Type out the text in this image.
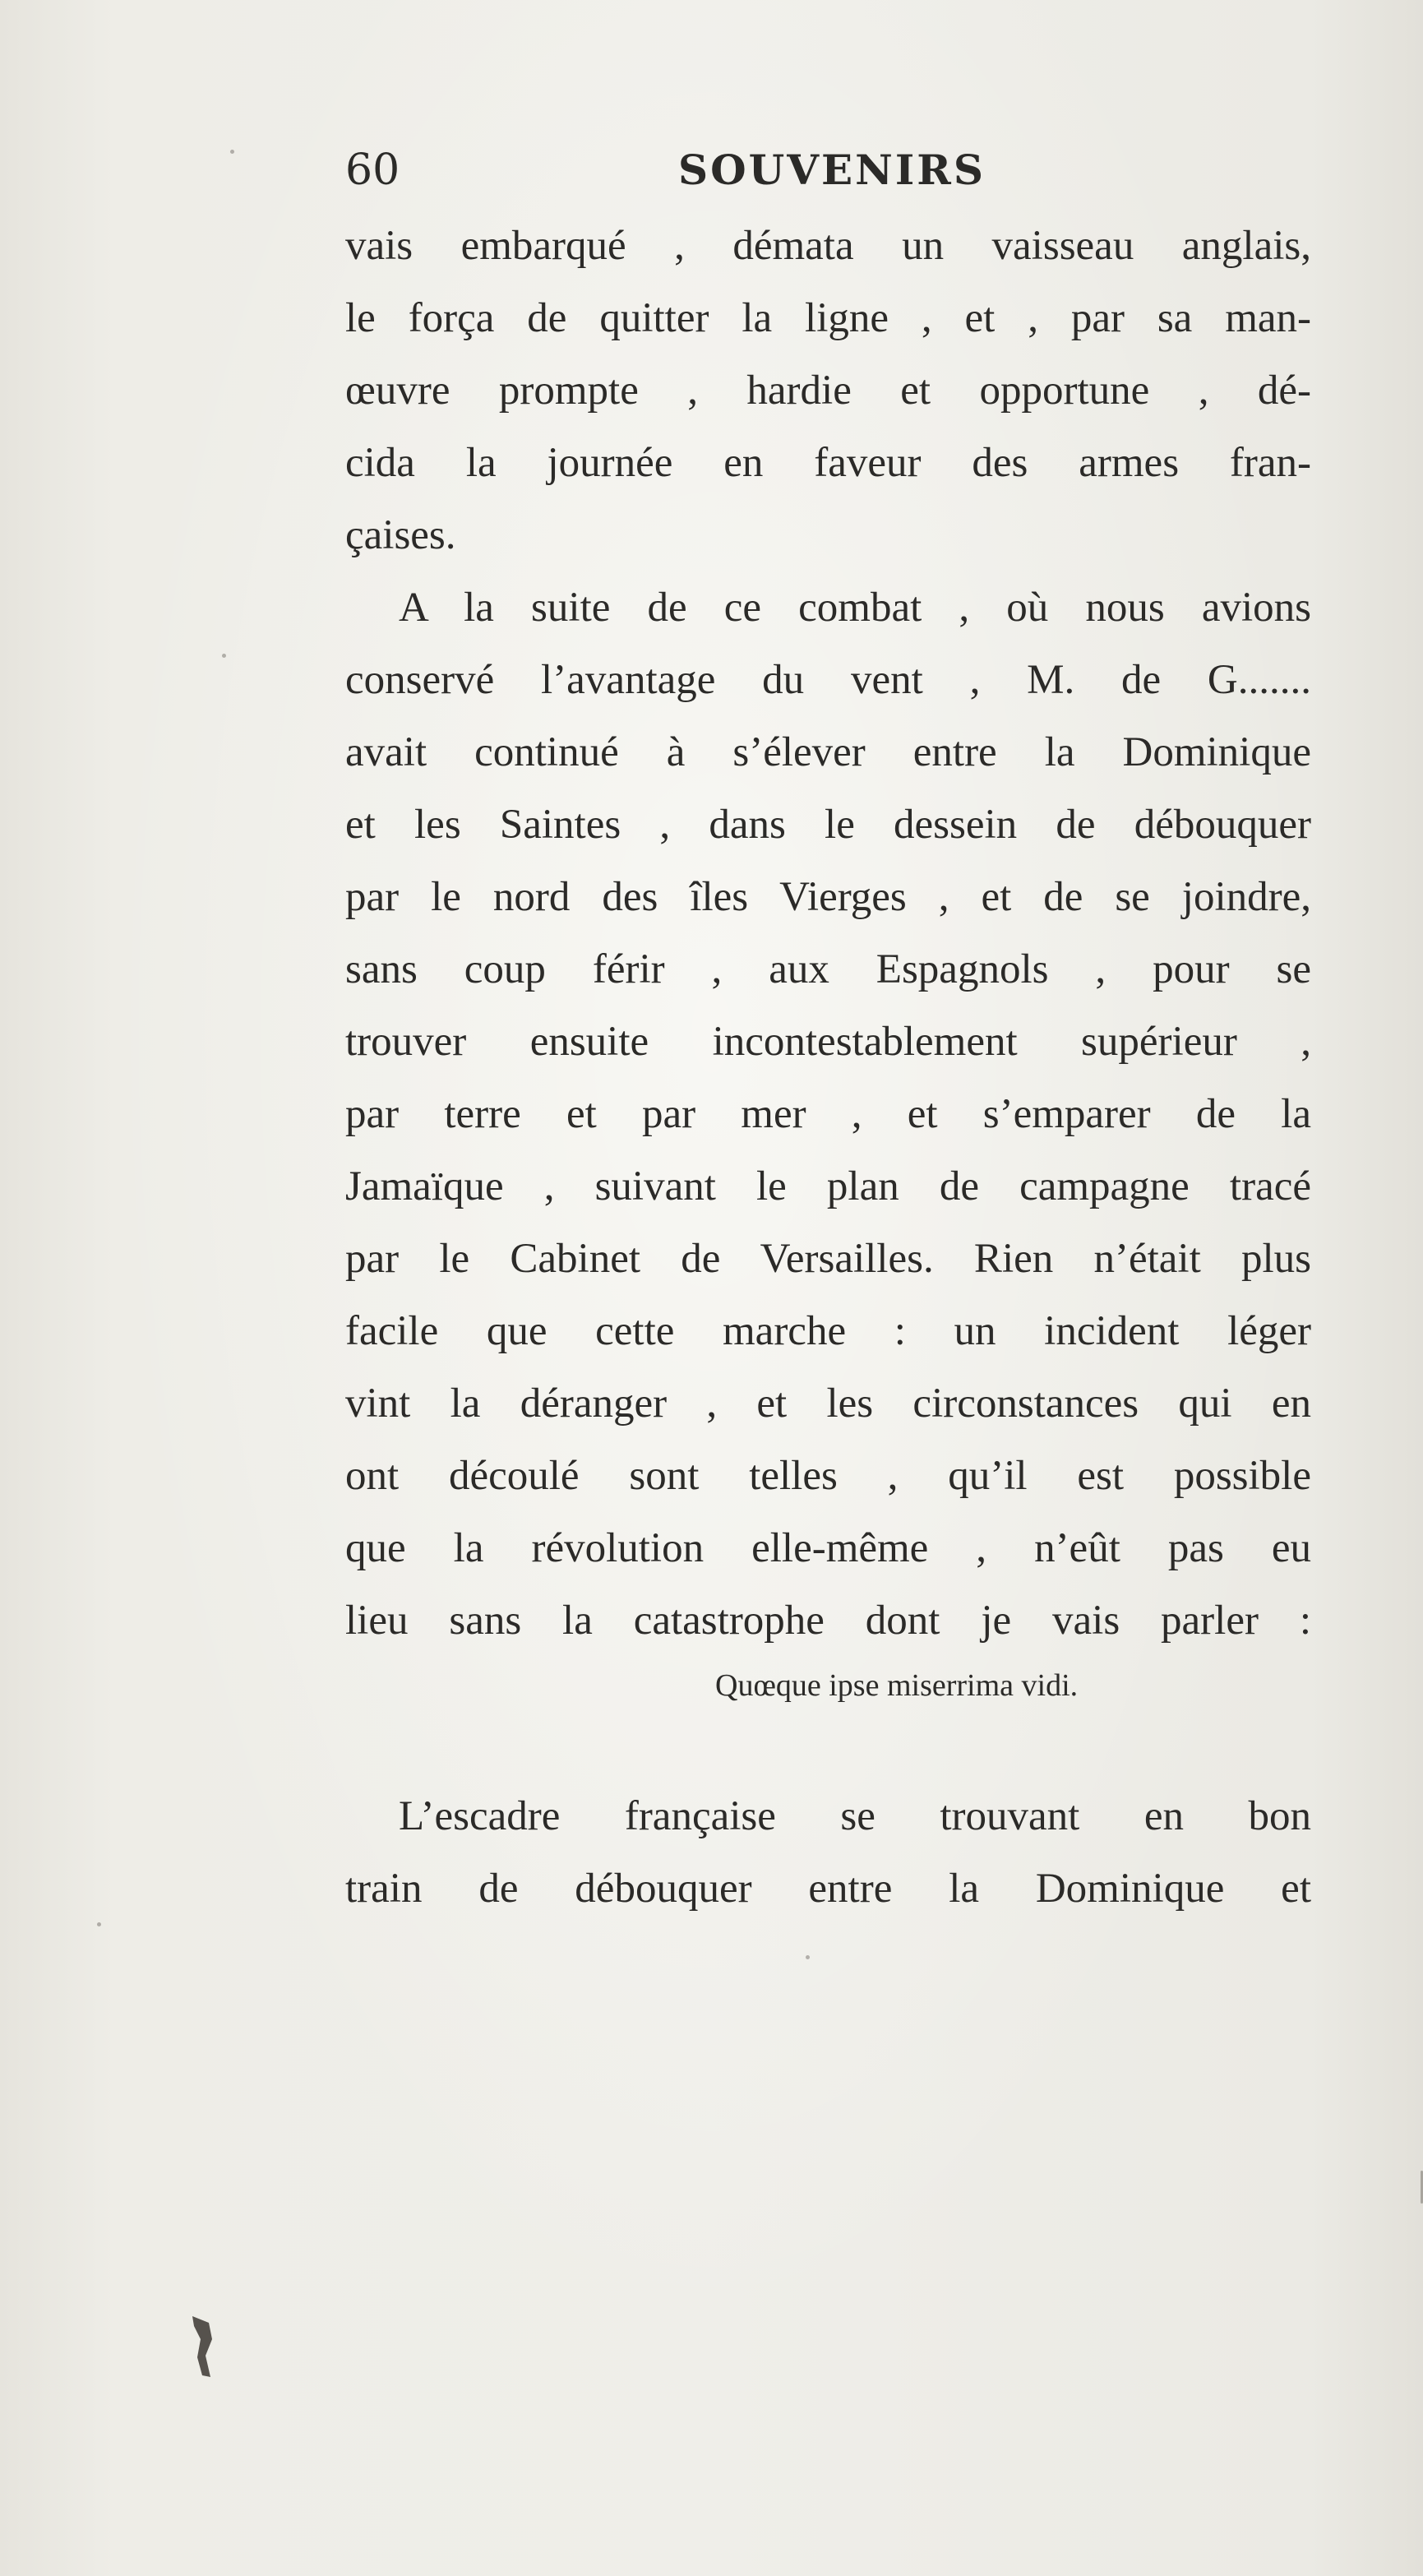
60	SOUVENIRS
vais embarqué , dématа un vaisseau anglais,
le força de quitter la ligne , et , par sa man-
œuvre prompte , hardie et opportune , dé-
cida la journée en faveur des armes fran-
çaises.
A la suite de ce combat , où nous avions
conservé l’avantage du vent , M. de G.......
avait continué à s’élever entre la Dominique
et les Saintes , dans le dessein de débouquer
par le nord des îles Vierges , et de se joindre,
sans coup férir , aux Espagnols , pour se
trouver ensuite incontestablement supérieur ,
par terre et par mer , et s’emparer de la
Jamaïque , suivant le plan de campagne tracé
par le Cabinet de Versailles. Rien n’était plus
facile que cette marche : un incident léger
vint la déranger , et les circonstances qui en
ont découlé sont telles , qu’il est possible
que la révolution elle-même , n’eût pas eu
lieu sans la catastrophe dont je vais parler :
Quœque ipse miserrima vidi.
L’escadre française se trouvant en bon
train de débouquer entre la Dominique et
